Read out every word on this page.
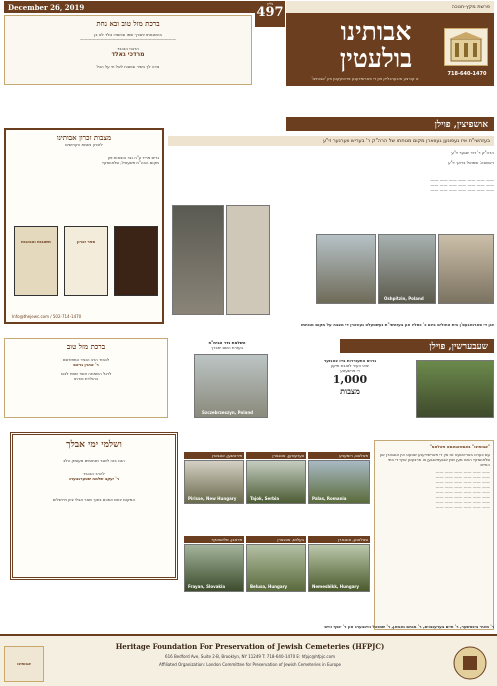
December 26, 2019	גליון
497	פרשת מקץ-חנוכה
אבותינו בולעטין
718-640-1470
א קורצע איבערבליק פון די פארשידענע פראיעקטן פון 'אבותינו'
ברכת מזל טוב ובא נחת
בהשגחתו יתברך שמו ובחסדו נולד לנו בן
————————————————————————
הרבני הנכבד
מרדכי גאלד
נודה לך בשיר ובשבח לאל חי על הכל
אושפיצין, פוילן
בעזהשי"ת איז געפונען געווארן מקום מנוחתו של הרה"ק ר' בעריש ווערנער זי"ע
הרה"ק ר' דוד יונגער זי"ע
ראשונה: שמואל בראך זי"ע
—— —— —— —— —— —— ——
—— —— —— —— —— —— ——
—— —— —— —— —— —— ——
Oshpitzin, Poland
מצבות זכרון אבותינו
לזכרון נשמת הקדושים
גרים פריד ע"ה נגד הוצאות פון
מקום הבה"ח פשעטיל, סלאוואקיי
תשובות והנהגות	ספר זכרון
Info@thejewc.com / 502-714-1470
און די סארגאנעס'ן בית החולים ביום כ' כסליו און בעזהשי"ת נעשטעלט געווארן די מצבה על מקום מנוחתו
שעבערשין, פוילן
ברכת מזל טוב
לכבוד הרב הנגיד המפורסם
ר' אהרן גראס
לרגל השמחה אשר שמח לבבו
בהולדת נכדתו
השלמת גדר הבית"ח
בעזרת השם יתברך
Szczebrzeszyn, Poland
גרויס התעוררות בייו צאנזער
יצאי העיר לטובת תיקון
די פרשעטע
1,000
מצבות
ושלמי ימי אבלך
הננו בזה לשגר תנחומים מעומק הלב
להרב הנכבד
ר' יעקב שלמה שטערנבערג
המקום ינחם אתכם בתוך שאר אבלי ציון וירושלים
פאלאס, רומעניע
ווערענזען, אונגארן
פירטשען, אונגארן
Palas, Romania
Tajok, Serbia
Pirisse, New Hungary
סאלאנע, אונגארן
בעלוש, אונגארן
פראבן, סלאוואקיי
Nemesbikk, Hungary
Belusa, Hungary
Frayan, Slovakia
"אבותינו" באסטאנאסט פאלאס"
עס ווערט באריכטעט אז אין די פארשידענע שטעט אין אונגארן און סלאוואקיי האט מען שוין אנגעפאנגען צו ארבעטן אויף די בתי החיים
—— —— —— —— —— ——
—— —— —— —— —— ——
—— —— —— —— —— ——
—— —— —— —— —— ——
—— —— —— —— —— ——
—— —— —— —— —— ——
—— —— —— —— —— ——
—— —— —— —— —— ——
ר' מאיר ביכטשער, ר' חיים בערענבוים, ר' מנחם נאמאן, ר' שמואל וויינבערג און ר' יוסף ווייס
אבותינו
Heritage Foundation For Preservation of Jewish Cemeteries (HFPJC)
616 Bedford Ave, Suite 2-B, Brooklyn, NY 11249 T: 718-640-1470 E: hfpjc@hfpjc.com
Affiliated Organization: London Committee for Preservation of Jewish Cemeteries in Europe
